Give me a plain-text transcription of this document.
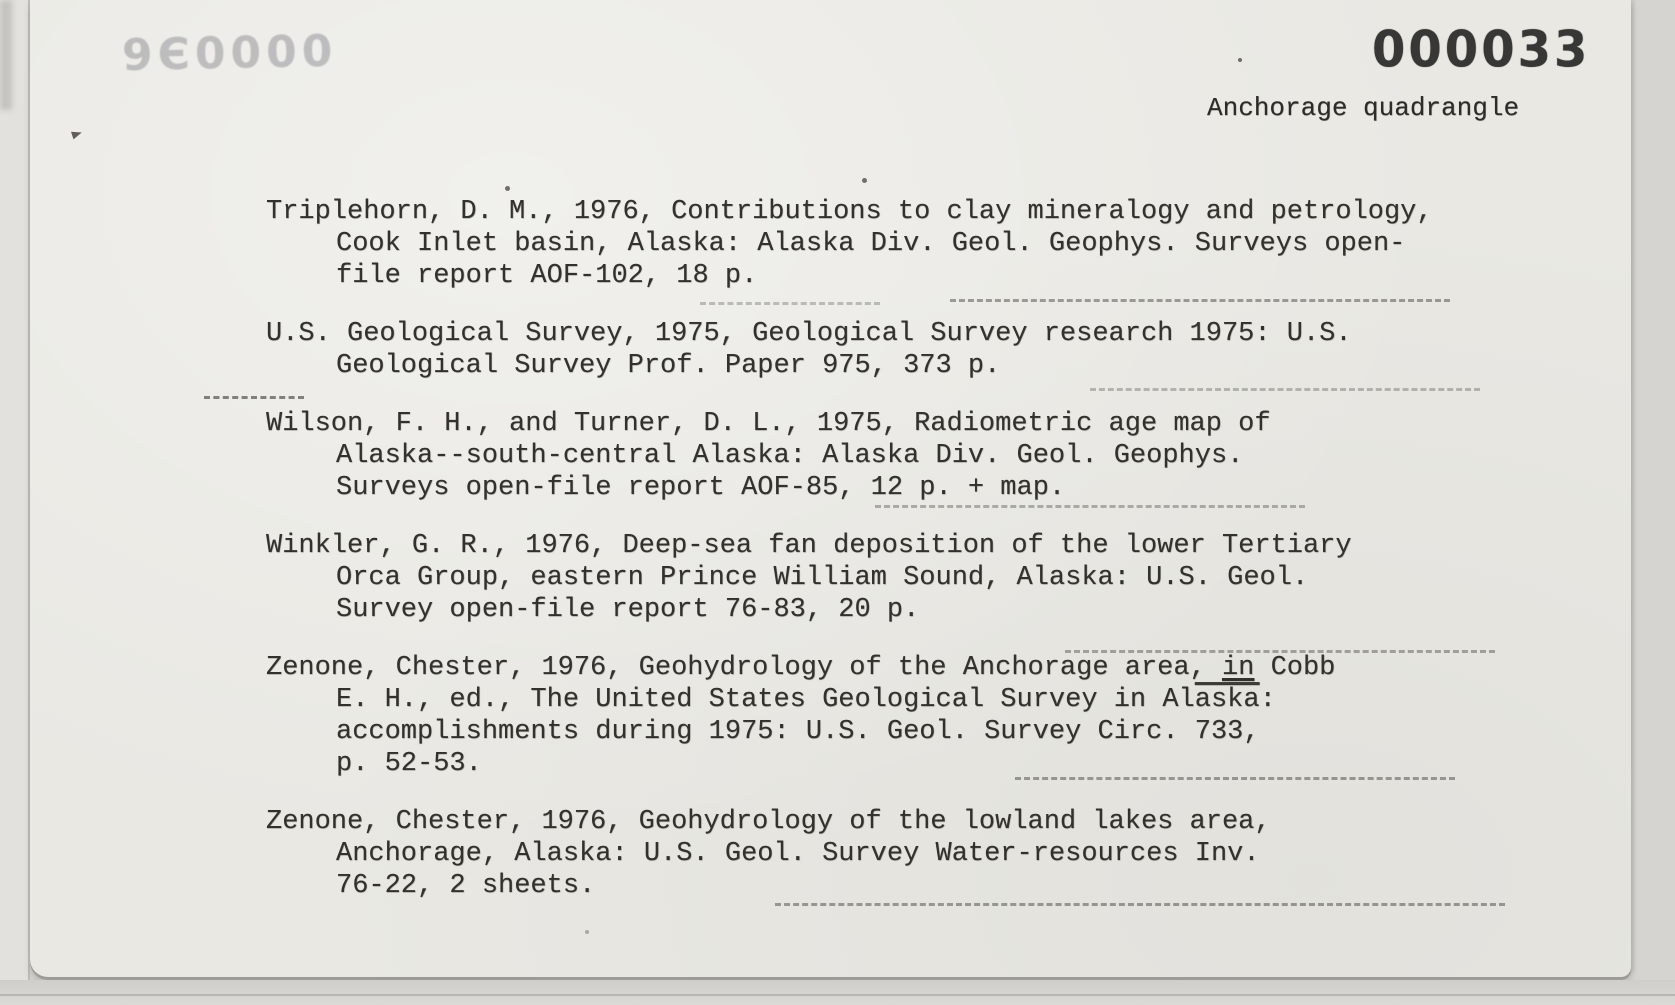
9Є0000	000033
Anchorage quadrangle
Triplehorn, D. M., 1976, Contributions to clay mineralogy and petrology,
Cook Inlet basin, Alaska: Alaska Div. Geol. Geophys. Surveys open-
file report AOF-102, 18 p.
U.S. Geological Survey, 1975, Geological Survey research 1975: U.S.
Geological Survey Prof. Paper 975, 373 p.
Wilson, F. H., and Turner, D. L., 1975, Radiometric age map of
Alaska--south-central Alaska: Alaska Div. Geol. Geophys.
Surveys open-file report AOF-85, 12 p. + map.
Winkler, G. R., 1976, Deep-sea fan deposition of the lower Tertiary
Orca Group, eastern Prince William Sound, Alaska: U.S. Geol.
Survey open-file report 76-83, 20 p.
Zenone, Chester, 1976, Geohydrology of the Anchorage area, in Cobb
E. H., ed., The United States Geological Survey in Alaska:
accomplishments during 1975: U.S. Geol. Survey Circ. 733,
p. 52-53.
Zenone, Chester, 1976, Geohydrology of the lowland lakes area,
Anchorage, Alaska: U.S. Geol. Survey Water-resources Inv.
76-22, 2 sheets.
